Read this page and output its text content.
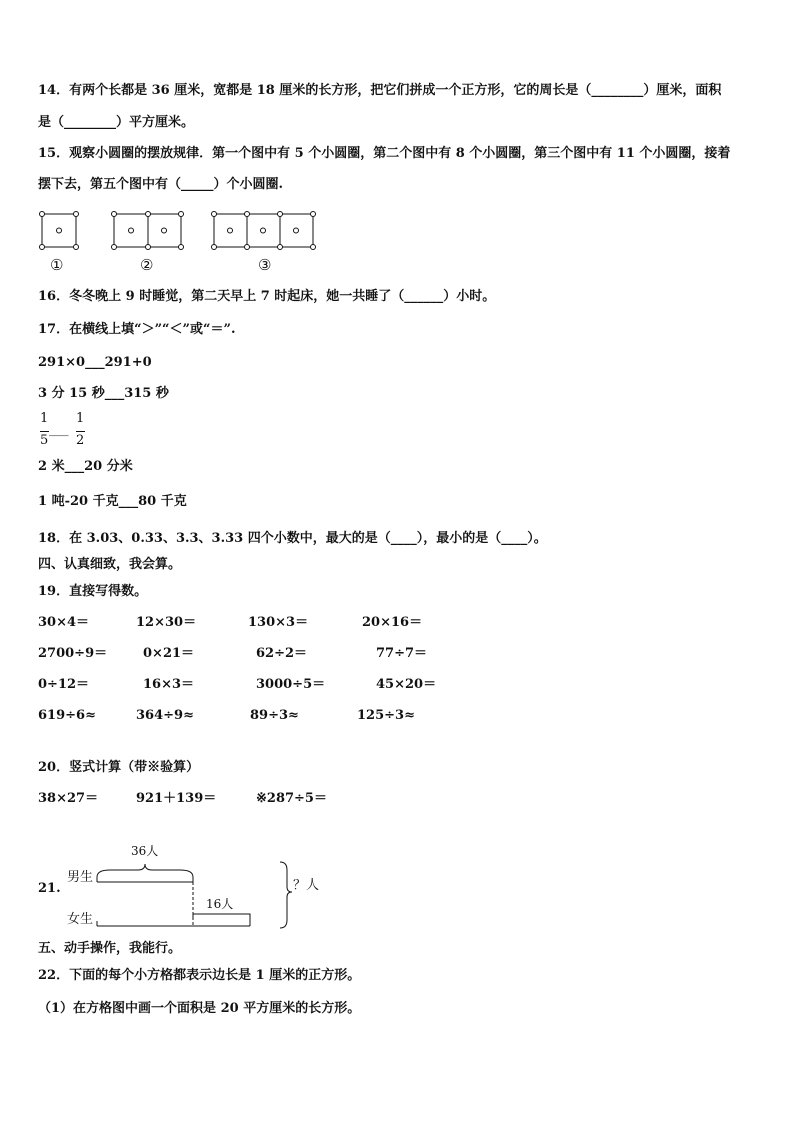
14．有两个长都是 36 厘米，宽都是 18 厘米的长方形，把它们拼成一个正方形，它的周长是（________）厘米，面积
是（________）平方厘米。
15．观察小圆圈的摆放规律．第一个图中有 5 个小圆圈，第二个图中有 8 个小圆圈，第三个图中有 11 个小圆圈，接着
摆下去，第五个图中有（_____）个小圆圈.
①	②	③
16．冬冬晚上 9 时睡觉，第二天早上 7 时起床，她一共睡了（______）小时。
17．在横线上填“＞”“＜”或“＝”.
291×0___291+0
3 分 15 秒___315 秒
1
5
___
1
2
2 米___20 分米
1 吨-20 千克___80 千克
18．在 3.03、0.33、3.3、3.33 四个小数中，最大的是（____），最小的是（____）。
四、认真细致，我会算。
19．直接写得数。
30×4＝	12×30＝	130×3＝	20×16＝
2700÷9＝	0×21＝	62÷2＝	77÷7＝
0÷12＝	16×3＝	3000÷5＝	45×20＝
619÷6≈	364÷9≈	89÷3≈	125÷3≈
20．竖式计算（带※验算）
38×27＝	921＋139＝	※287÷5＝
21.
男生
女生
36人
16人
？人
五、动手操作，我能行。
22．下面的每个小方格都表示边长是 1 厘米的正方形。
（1）在方格图中画一个面积是 20 平方厘米的长方形。
